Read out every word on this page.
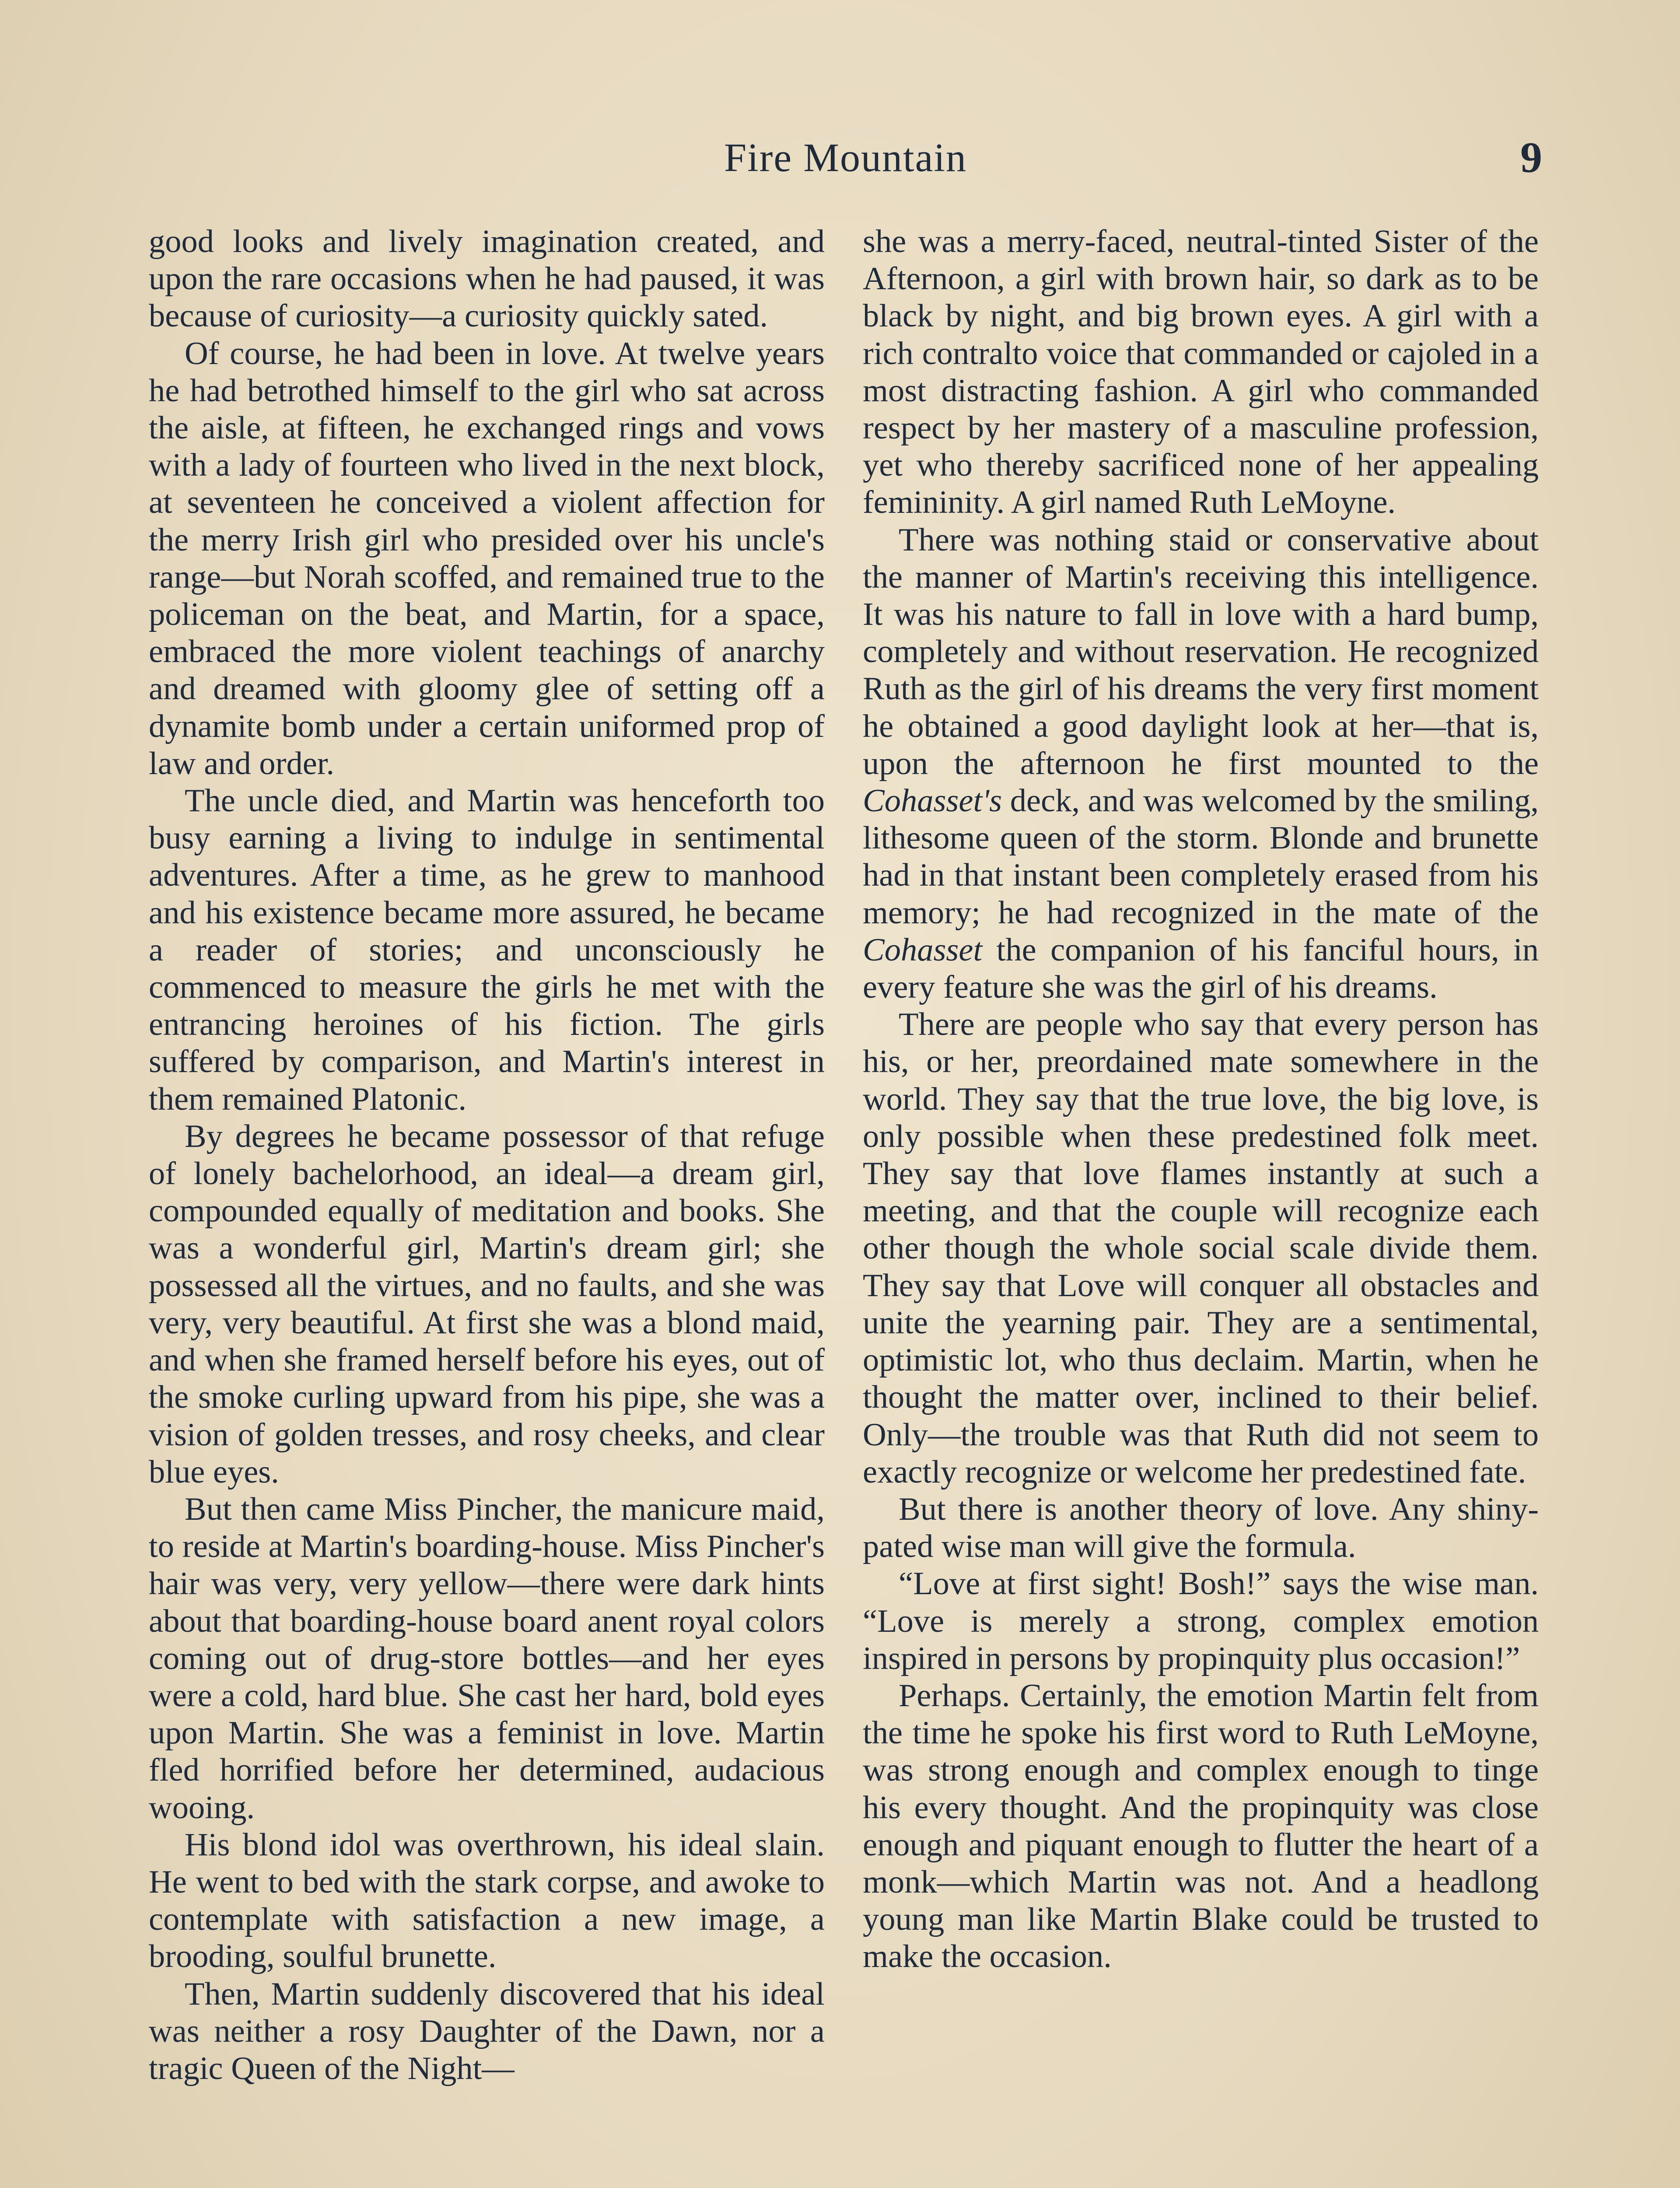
Fire Mountain	9

good looks and lively imagination created, and upon the rare occasions when he had paused, it was because of curiosity—a curiosity quickly sated.

Of course, he had been in love. At twelve years he had betrothed himself to the girl who sat across the aisle, at fifteen, he exchanged rings and vows with a lady of fourteen who lived in the next block, at seventeen he conceived a violent affection for the merry Irish girl who presided over his uncle's range—but Norah scoffed, and remained true to the policeman on the beat, and Martin, for a space, embraced the more violent teachings of anarchy and dreamed with gloomy glee of setting off a dynamite bomb under a certain uniformed prop of law and order.

The uncle died, and Martin was henceforth too busy earning a living to indulge in sentimental adventures. After a time, as he grew to manhood and his existence became more assured, he became a reader of stories; and unconsciously he commenced to measure the girls he met with the entrancing heroines of his fiction. The girls suffered by comparison, and Martin's interest in them remained Platonic.

By degrees he became possessor of that refuge of lonely bachelorhood, an ideal—a dream girl, compounded equally of meditation and books. She was a wonderful girl, Martin's dream girl; she possessed all the virtues, and no faults, and she was very, very beautiful. At first she was a blond maid, and when she framed herself before his eyes, out of the smoke curling upward from his pipe, she was a vision of golden tresses, and rosy cheeks, and clear blue eyes.

But then came Miss Pincher, the manicure maid, to reside at Martin's boarding-house. Miss Pincher's hair was very, very yellow—there were dark hints about that boarding-house board anent royal colors coming out of drug-store bottles—and her eyes were a cold, hard blue. She cast her hard, bold eyes upon Martin. She was a feminist in love. Martin fled horrified before her determined, audacious wooing.

His blond idol was overthrown, his ideal slain. He went to bed with the stark corpse, and awoke to contemplate with satisfaction a new image, a brooding, soulful brunette.

Then, Martin suddenly discovered that his ideal was neither a rosy Daughter of the Dawn, nor a tragic Queen of the Night—

she was a merry-faced, neutral-tinted Sister of the Afternoon, a girl with brown hair, so dark as to be black by night, and big brown eyes. A girl with a rich contralto voice that commanded or cajoled in a most distracting fashion. A girl who commanded respect by her mastery of a masculine profession, yet who thereby sacrificed none of her appealing femininity. A girl named Ruth LeMoyne.

There was nothing staid or conservative about the manner of Martin's receiving this intelligence. It was his nature to fall in love with a hard bump, completely and without reservation. He recognized Ruth as the girl of his dreams the very first moment he obtained a good daylight look at her—that is, upon the afternoon he first mounted to the Cohasset's deck, and was welcomed by the smiling, lithesome queen of the storm. Blonde and brunette had in that instant been completely erased from his memory; he had recognized in the mate of the Cohasset the companion of his fanciful hours, in every feature she was the girl of his dreams.

There are people who say that every person has his, or her, preordained mate somewhere in the world. They say that the true love, the big love, is only possible when these predestined folk meet. They say that love flames instantly at such a meeting, and that the couple will recognize each other though the whole social scale divide them. They say that Love will conquer all obstacles and unite the yearning pair. They are a sentimental, optimistic lot, who thus declaim. Martin, when he thought the matter over, inclined to their belief. Only—the trouble was that Ruth did not seem to exactly recognize or welcome her predestined fate.

But there is another theory of love. Any shiny-pated wise man will give the formula.

“Love at first sight! Bosh!” says the wise man. “Love is merely a strong, complex emotion inspired in persons by propinquity plus occasion!”

Perhaps. Certainly, the emotion Martin felt from the time he spoke his first word to Ruth LeMoyne, was strong enough and complex enough to tinge his every thought. And the propinquity was close enough and piquant enough to flutter the heart of a monk—which Martin was not. And a headlong young man like Martin Blake could be trusted to make the occasion.
